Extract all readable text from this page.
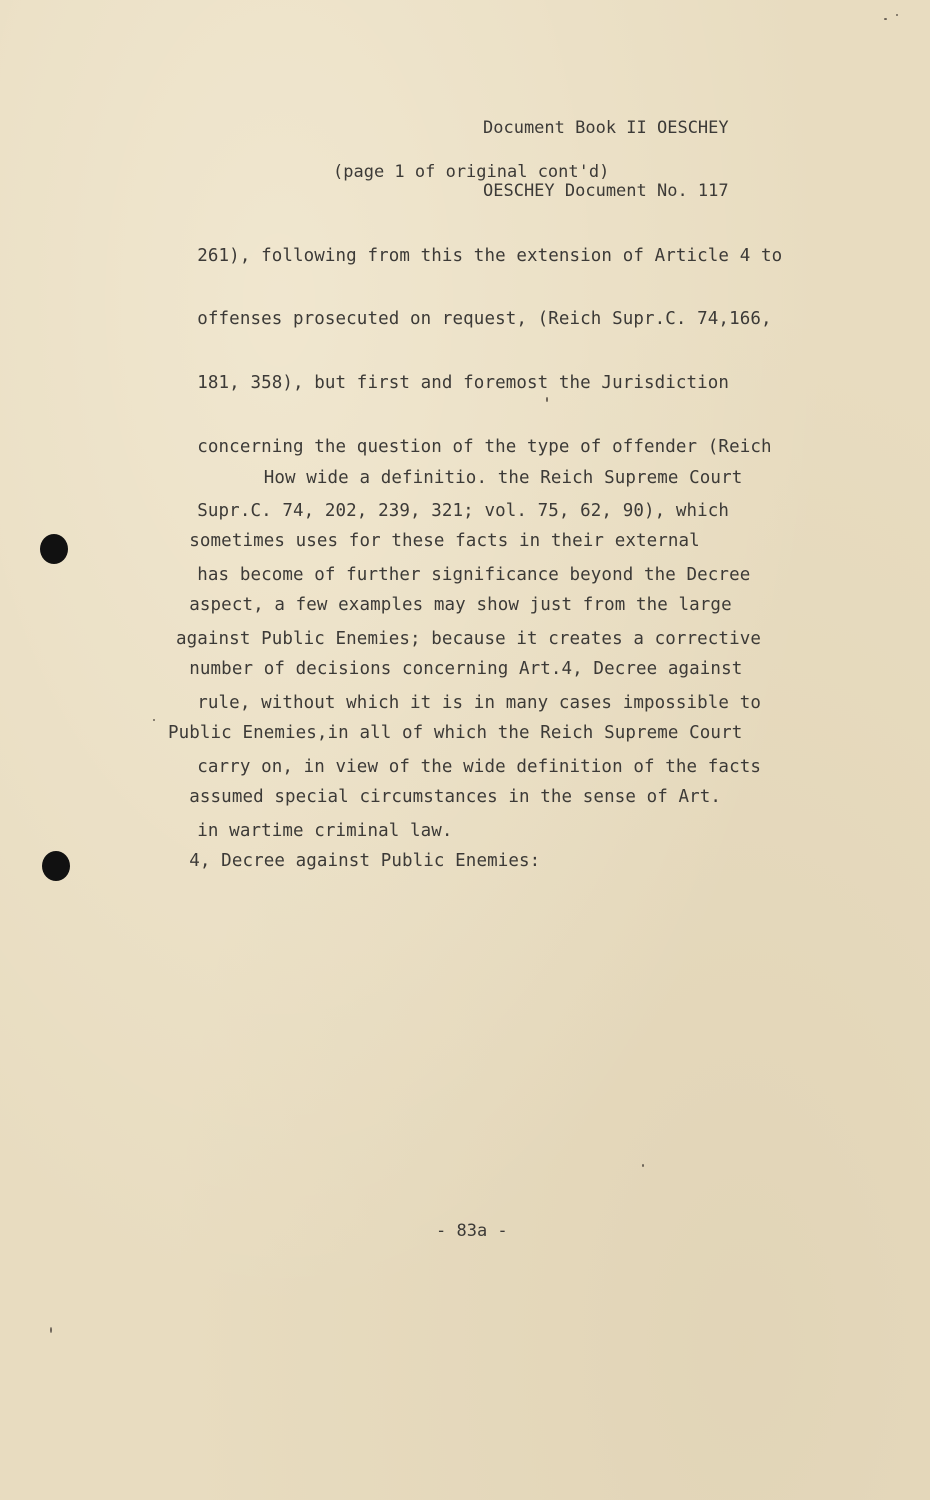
Document Book II OESCHEY

OESCHEY Document No. 117

(page 1 of original cont'd)

261), following from this the extension of Article 4 to

offenses prosecuted on request, (Reich Supr.C. 74,166,

181, 358), but first and foremost the Jurisdiction

concerning the question of the type of offender (Reich

Supr.C. 74, 202, 239, 321; vol. 75, 62, 90), which

has become of further significance beyond the Decree

against Public Enemies; because it creates a corrective

rule, without which it is in many cases impossible to

carry on, in view of the wide definition of the facts

in wartime criminal law.

How wide a definitio. the Reich Supreme Court

sometimes uses for these facts in their external

aspect, a few examples may show just from the large

number of decisions concerning Art.4, Decree against

Public Enemies,in all of which the Reich Supreme Court

assumed special circumstances in the sense of Art.

4, Decree against Public Enemies:

- 83a -
